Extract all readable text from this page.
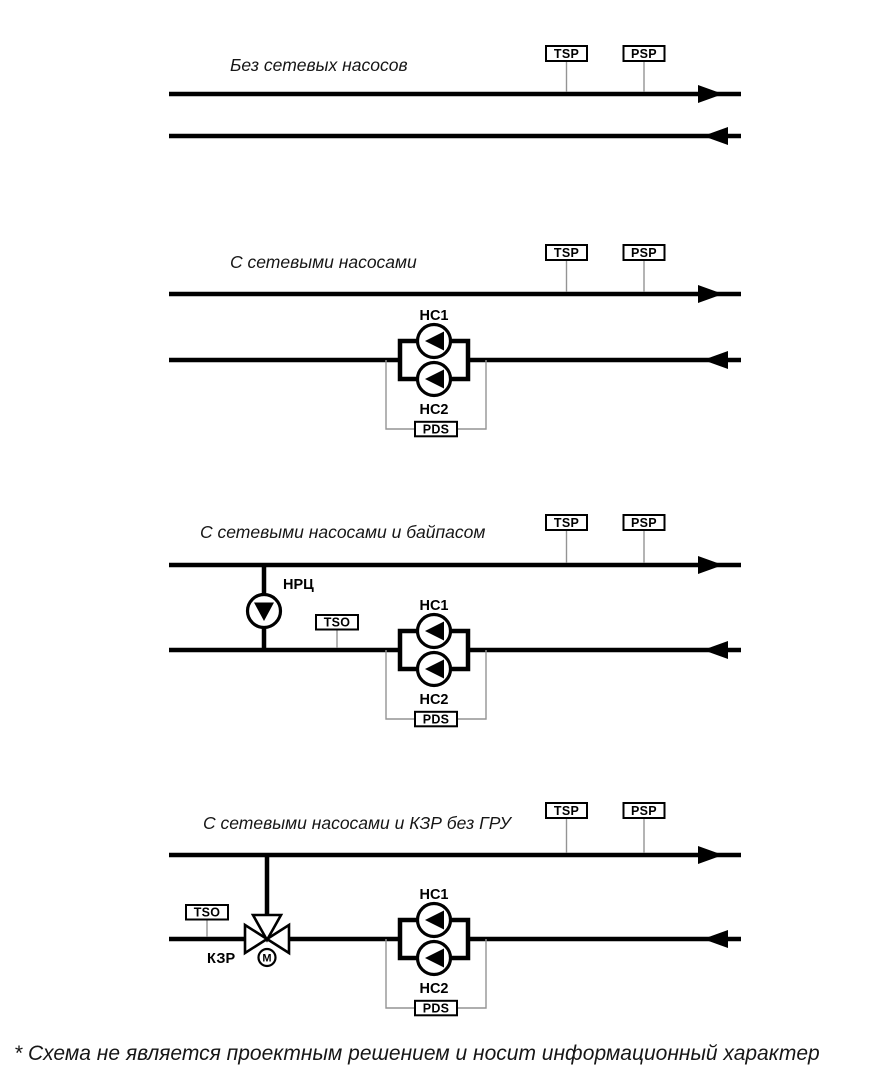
Без сетевых насосов
TSP	PSP
С сетевыми насосами	TSP	PSP
НС1
НС2
PDS
С сетевыми насосами и байпасом	TSP	PSP
НРЦ
TSO
НС1
НС2
PDS
С сетевыми насосами и КЗР без ГРУ
TSP	PSP
TSO
M
КЗР
НС1
НС2
PDS
* Схема не является проектным решением и носит информационный характер
